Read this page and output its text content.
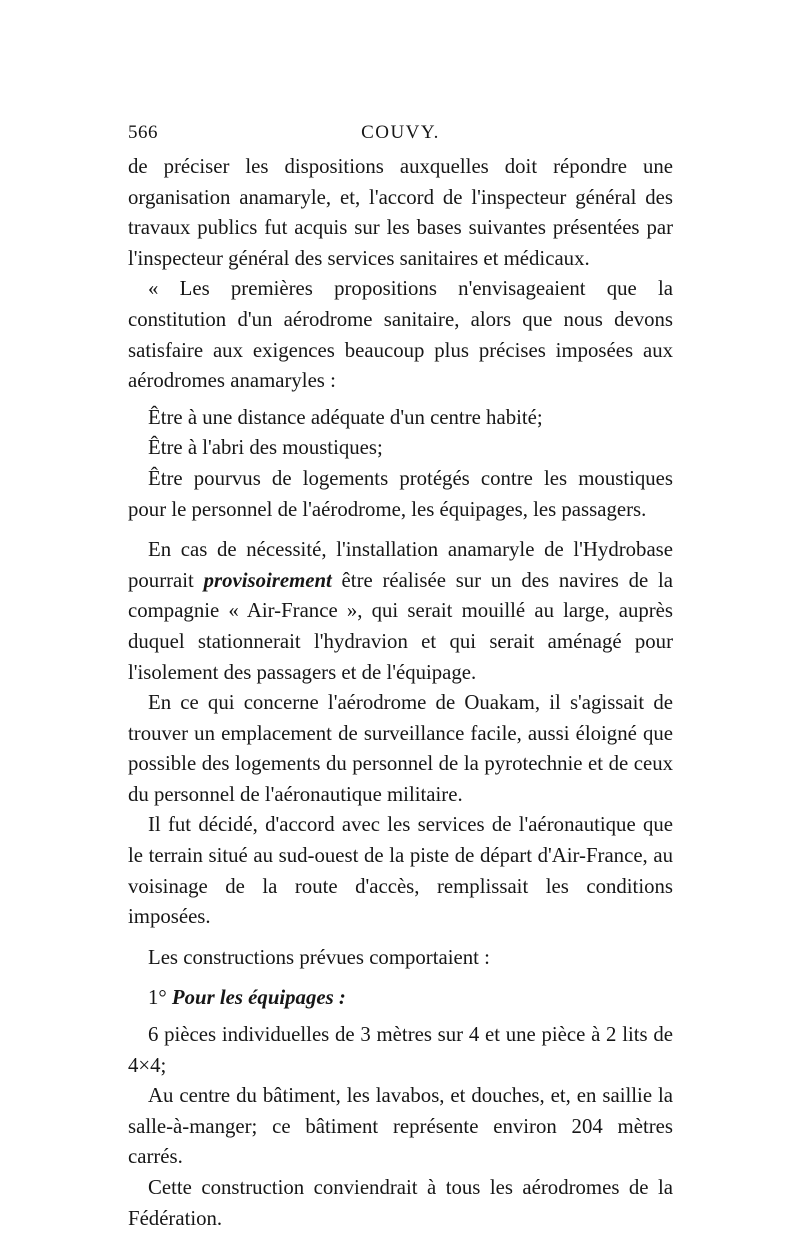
566	COUVY.

de préciser les dispositions auxquelles doit répondre une organisation anamaryle, et, l'accord de l'inspecteur général des travaux publics fut acquis sur les bases suivantes présentées par l'inspecteur général des services sanitaires et médicaux.

« Les premières propositions n'envisageaient que la constitution d'un aérodrome sanitaire, alors que nous devons satisfaire aux exigences beaucoup plus précises imposées aux aérodromes anamaryles :

Être à une distance adéquate d'un centre habité;

Être à l'abri des moustiques;

Être pourvus de logements protégés contre les moustiques pour le personnel de l'aérodrome, les équipages, les passagers.

En cas de nécessité, l'installation anamaryle de l'Hydrobase pourrait provisoirement être réalisée sur un des navires de la compagnie « Air-France », qui serait mouillé au large, auprès duquel stationnerait l'hydravion et qui serait aménagé pour l'isolement des passagers et de l'équipage.

En ce qui concerne l'aérodrome de Ouakam, il s'agissait de trouver un emplacement de surveillance facile, aussi éloigné que possible des logements du personnel de la pyrotechnie et de ceux du personnel de l'aéronautique militaire.

Il fut décidé, d'accord avec les services de l'aéronautique que le terrain situé au sud-ouest de la piste de départ d'Air-France, au voisinage de la route d'accès, remplissait les conditions imposées.

Les constructions prévues comportaient :

1° Pour les équipages :

6 pièces individuelles de 3 mètres sur 4 et une pièce à 2 lits de 4×4;

Au centre du bâtiment, les lavabos, et douches, et, en saillie la salle-à-manger; ce bâtiment représente environ 204 mètres carrés.

Cette construction conviendrait à tous les aérodromes de la Fédération.
